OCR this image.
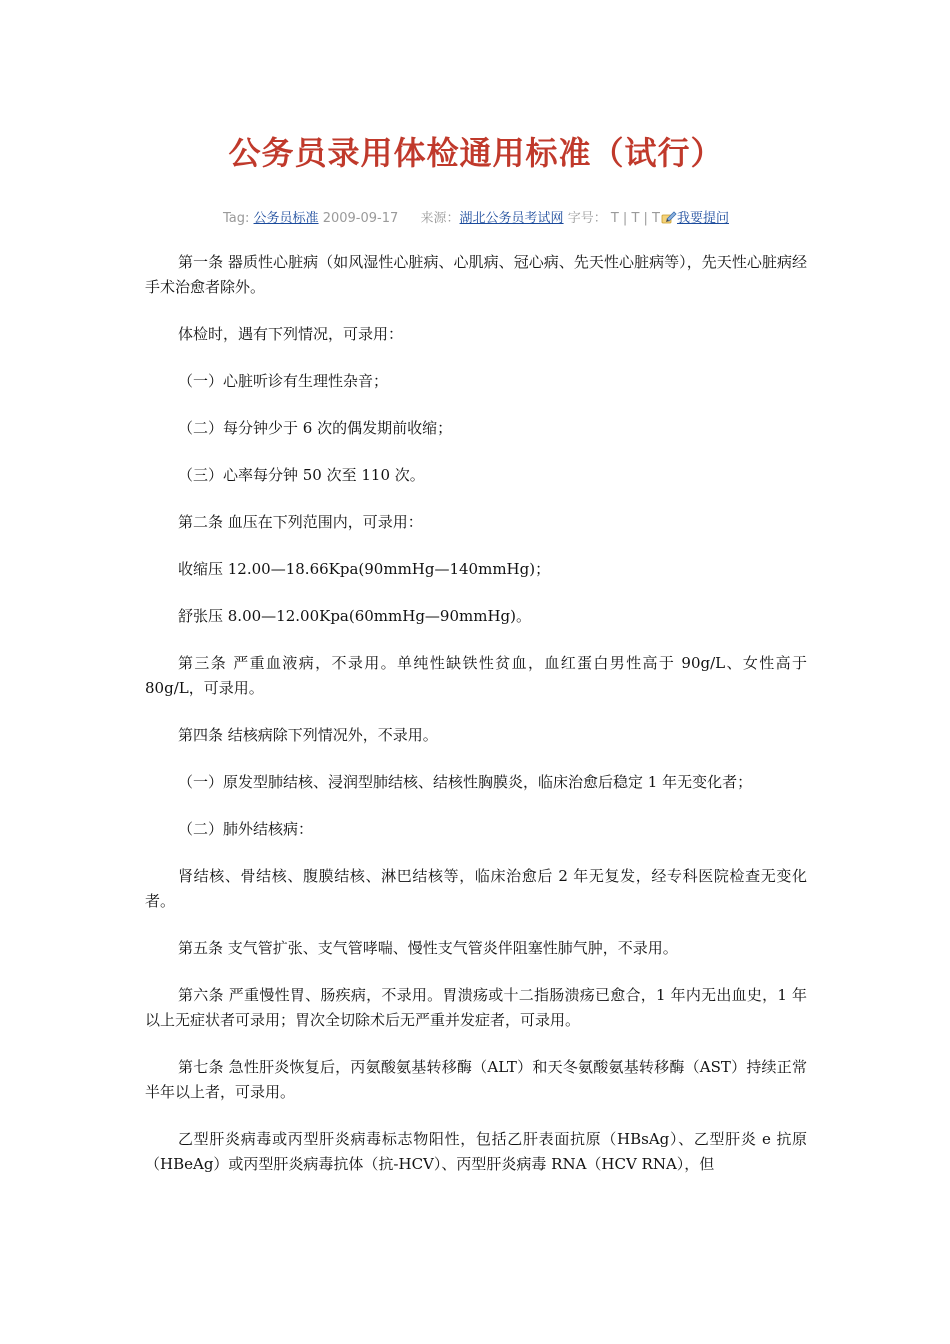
公务员录用体检通用标准（试行）
Tag: 公务员标准 2009-09-17 来源：湖北公务员考试网 字号： T | T | T 我要提问

第一条 器质性心脏病（如风湿性心脏病、心肌病、冠心病、先天性心脏病等），先天性心脏病经手术治愈者除外。

体检时，遇有下列情况，可录用：

（一）心脏听诊有生理性杂音；

（二）每分钟少于 6 次的偶发期前收缩；

（三）心率每分钟 50 次至 110 次。

第二条 血压在下列范围内，可录用：

收缩压 12.00—18.66Kpa(90mmHg—140mmHg)；

舒张压 8.00—12.00Kpa(60mmHg—90mmHg)。

第三条 严重血液病，不录用。单纯性缺铁性贫血，血红蛋白男性高于 90g/L、女性高于 80g/L，可录用。

第四条 结核病除下列情况外，不录用。

（一）原发型肺结核、浸润型肺结核、结核性胸膜炎，临床治愈后稳定 1 年无变化者；

（二）肺外结核病：

肾结核、骨结核、腹膜结核、淋巴结核等，临床治愈后 2 年无复发，经专科医院检查无变化者。

第五条 支气管扩张、支气管哮喘、慢性支气管炎伴阻塞性肺气肿，不录用。

第六条 严重慢性胃、肠疾病，不录用。胃溃疡或十二指肠溃疡已愈合，1 年内无出血史，1 年以上无症状者可录用；胃次全切除术后无严重并发症者，可录用。

第七条 急性肝炎恢复后，丙氨酸氨基转移酶（ALT）和天冬氨酸氨基转移酶（AST）持续正常半年以上者，可录用。

乙型肝炎病毒或丙型肝炎病毒标志物阳性，包括乙肝表面抗原（HBsAg）、乙型肝炎 e 抗原（HBeAg）或丙型肝炎病毒抗体（抗-HCV）、丙型肝炎病毒 RNA（HCV RNA），但
